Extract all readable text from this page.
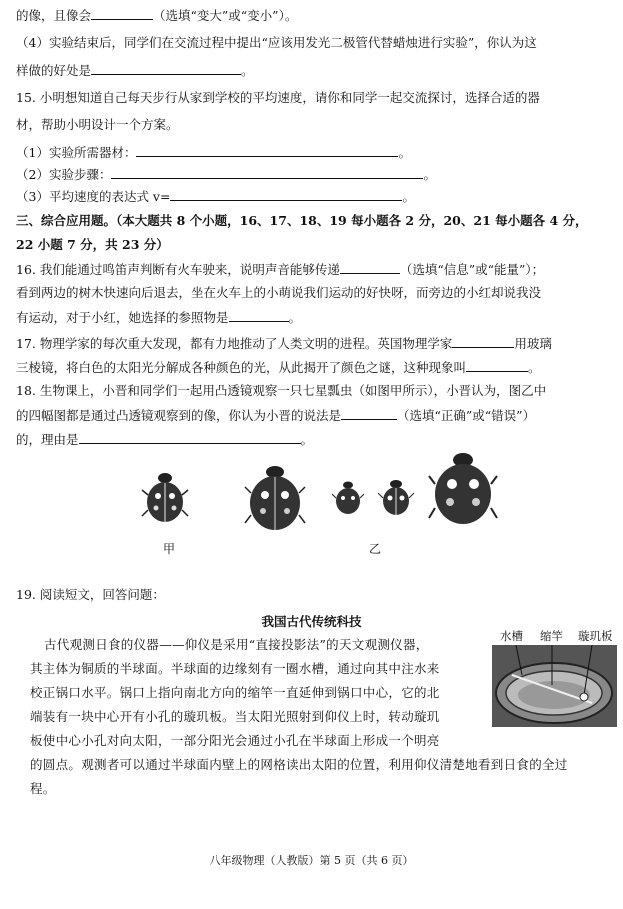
的像，且像会	（选填“变大”或“变小”）。
（4）实验结束后，同学们在交流过程中提出“应该用发光二极管代替蜡烛进行实验”，你认为这
样做的好处是	。
15. 小明想知道自己每天步行从家到学校的平均速度，请你和同学一起交流探讨，选择合适的器
材，帮助小明设计一个方案。
（1）实验所需器材：	。
（2）实验步骤：	。
（3）平均速度的表达式 v=	。
三、综合应用题。（本大题共 8 个小题，16、17、18、19 每小题各 2 分，20、21 每小题各 4 分，
22 小题 7 分，共 23 分）
16. 我们能通过鸣笛声判断有火车驶来，说明声音能够传递	（选填“信息”或“能量”）；
看到两边的树木快速向后退去，坐在火车上的小萌说我们运动的好快呀，而旁边的小红却说我没
有运动，对于小红，她选择的参照物是	。
17. 物理学家的每次重大发现，都有力地推动了人类文明的进程。英国物理学家	用玻璃
三棱镜，将白色的太阳光分解成各种颜色的光，从此揭开了颜色之谜，这种现象叫	。
18. 生物课上，小晋和同学们一起用凸透镜观察一只七星瓢虫（如图甲所示），小晋认为，图乙中
的四幅图都是通过凸透镜观察到的像，你认为小晋的说法是	（选填“正确”或“错误”）
的，理由是	。
甲	乙
19. 阅读短文，回答问题：
我国古代传统科技
古代观测日食的仪器——仰仪是采用“直接投影法”的天文观测仪器，
其主体为铜质的半球面。半球面的边缘刻有一圈水槽，通过向其中注水来
校正锅口水平。锅口上指向南北方向的缩竿一直延伸到锅口中心，它的北
端装有一块中心开有小孔的璇玑板。当太阳光照射到仰仪上时，转动璇玑
板使中心小孔对向太阳，一部分阳光会通过小孔在半球面上形成一个明亮
的圆点。观测者可以通过半球面内壁上的网格读出太阳的位置，利用仰仪清楚地看到日食的全过
程。
水槽 缩竿 璇玑板
八年级物理（人教版）第 5 页（共 6 页）
